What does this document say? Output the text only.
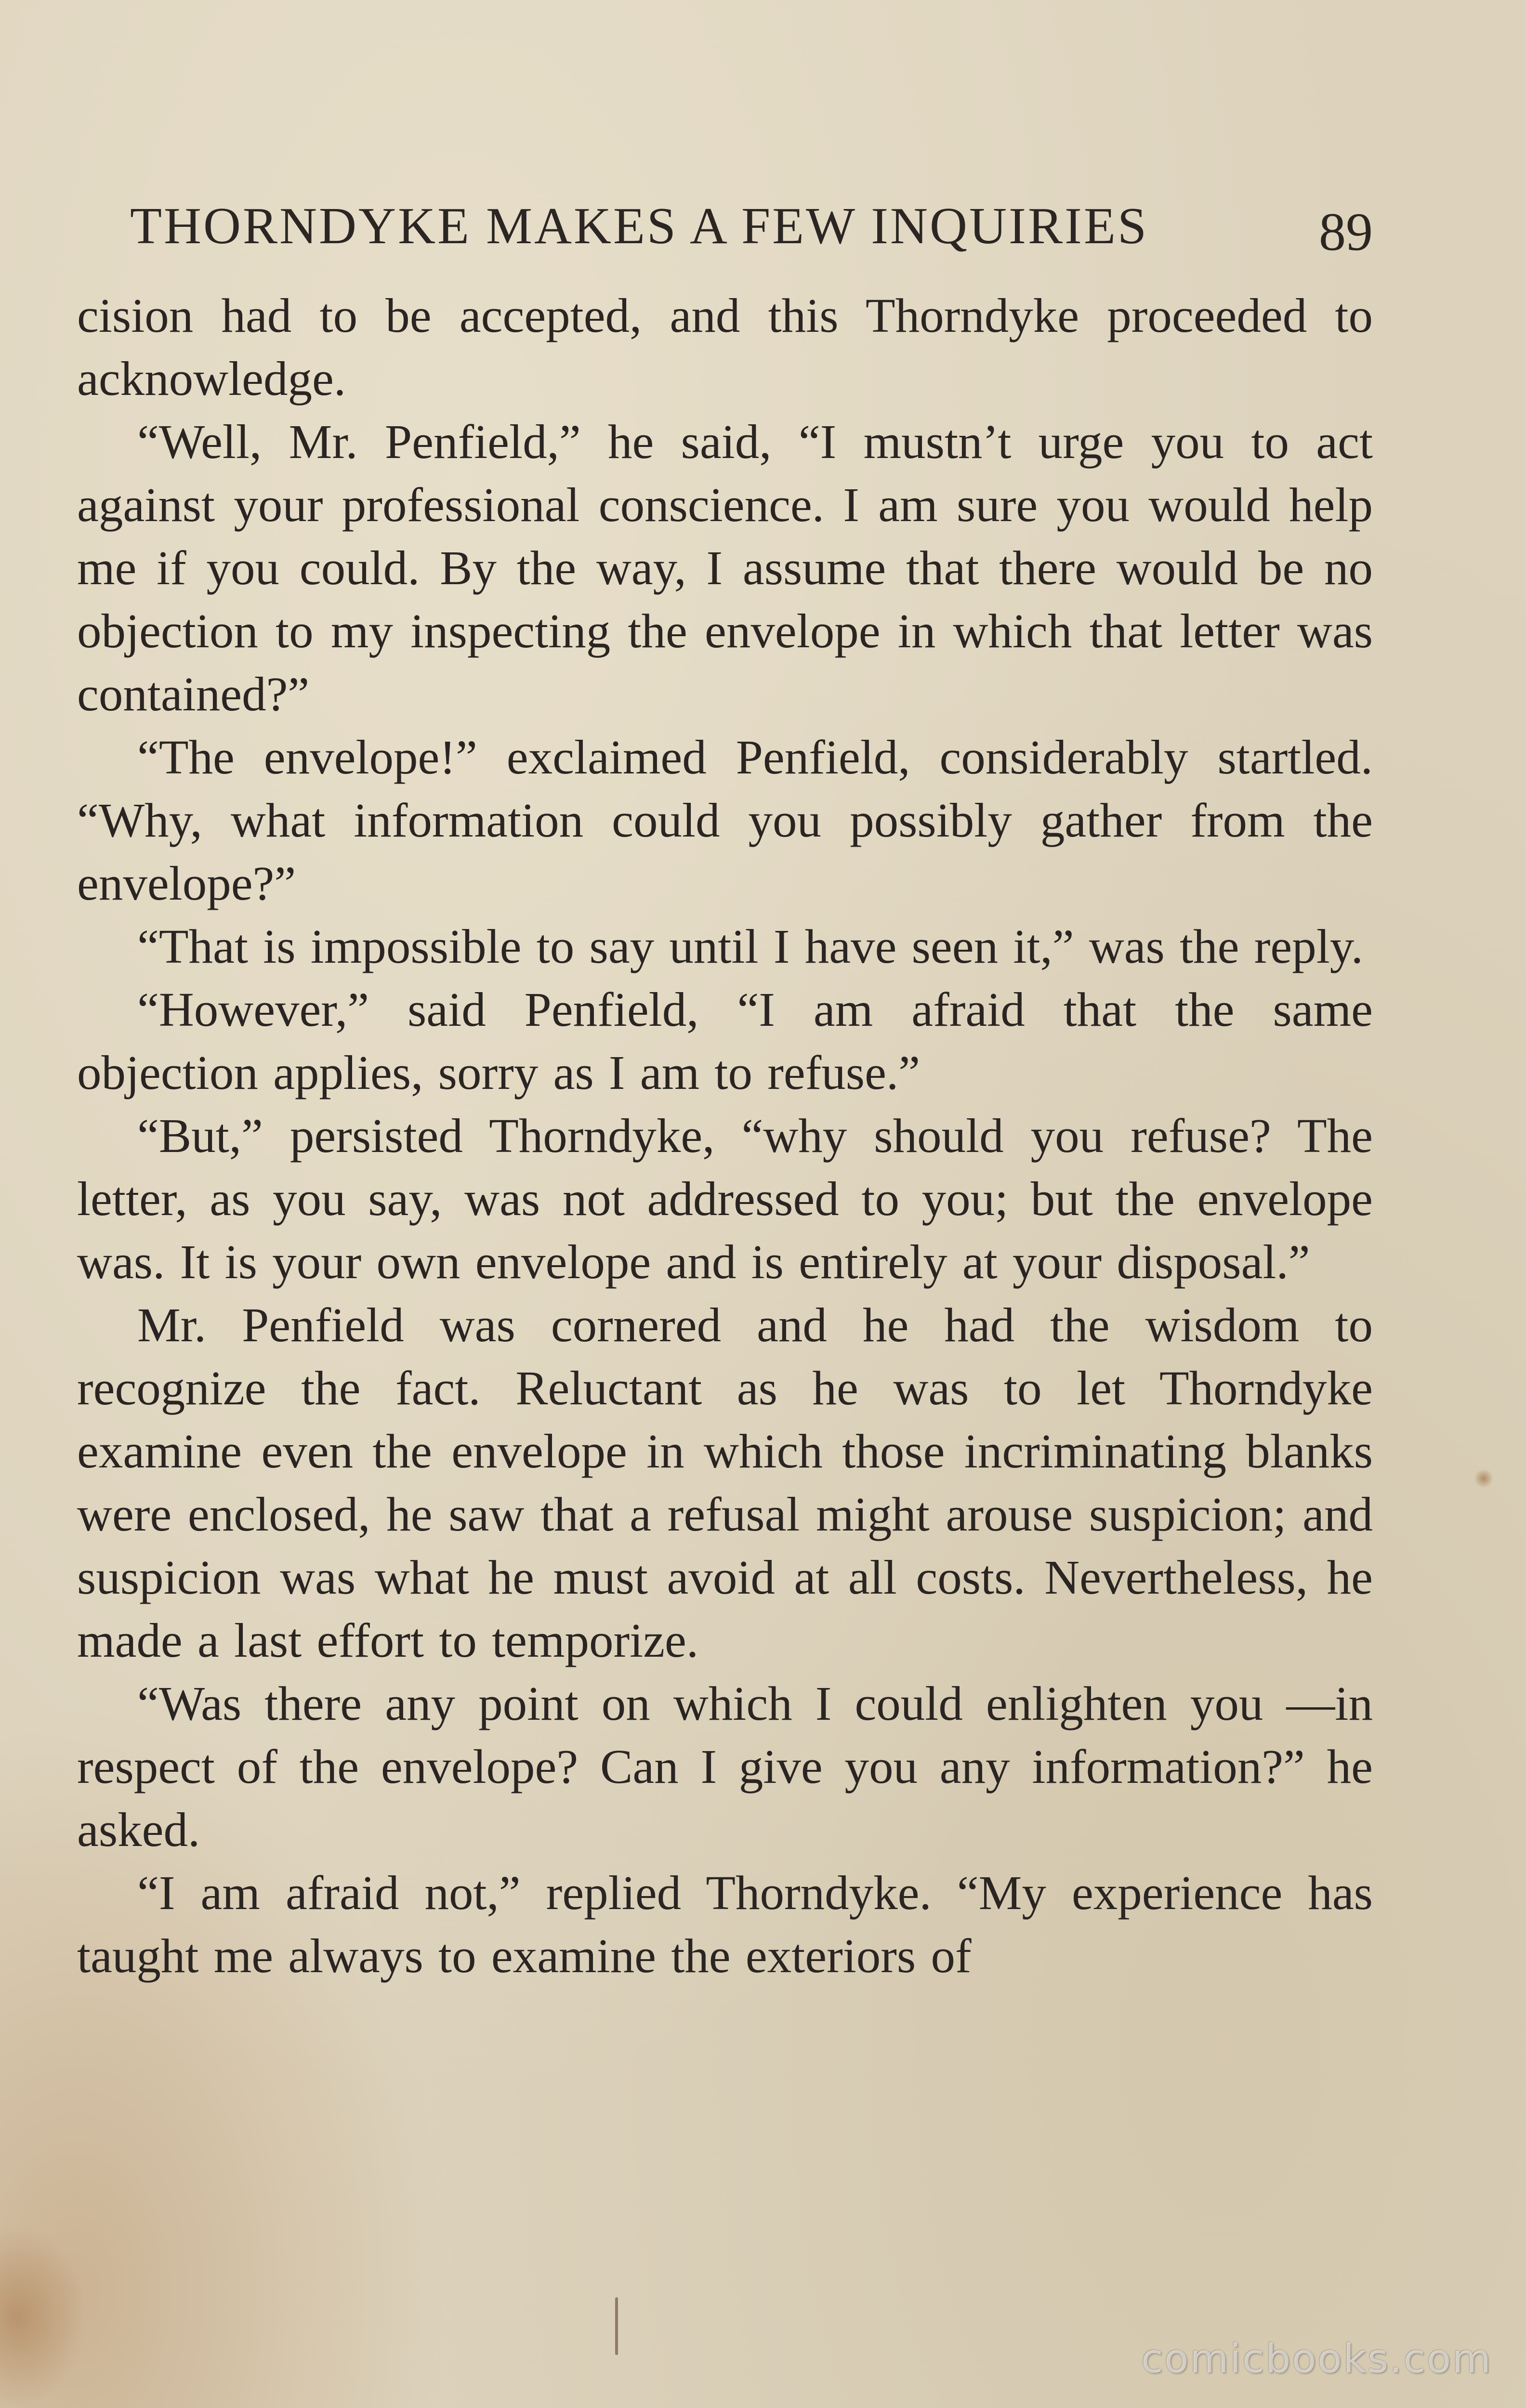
THORNDYKE MAKES A FEW INQUIRIES	89

cision had to be accepted, and this Thorndyke proceeded to acknowledge.

“Well, Mr. Penfield,” he said, “I mustn’t urge you to act against your professional conscience. I am sure you would help me if you could. By the way, I assume that there would be no objection to my inspecting the envelope in which that letter was contained?”

“The envelope!” exclaimed Penfield, considerably startled. “Why, what information could you possibly gather from the envelope?”

“That is impossible to say until I have seen it,” was the reply.

“However,” said Penfield, “I am afraid that the same objection applies, sorry as I am to refuse.”

“But,” persisted Thorndyke, “why should you refuse? The letter, as you say, was not addressed to you; but the envelope was. It is your own envelope and is entirely at your disposal.”

Mr. Penfield was cornered and he had the wisdom to recognize the fact. Reluctant as he was to let Thorndyke examine even the envelope in which those incriminating blanks were enclosed, he saw that a refusal might arouse suspicion; and suspicion was what he must avoid at all costs. Nevertheless, he made a last effort to temporize.

“Was there any point on which I could enlighten you —in respect of the envelope? Can I give you any information?” he asked.

“I am afraid not,” replied Thorndyke. “My experience has taught me always to examine the exteriors of

comicbooks.com
